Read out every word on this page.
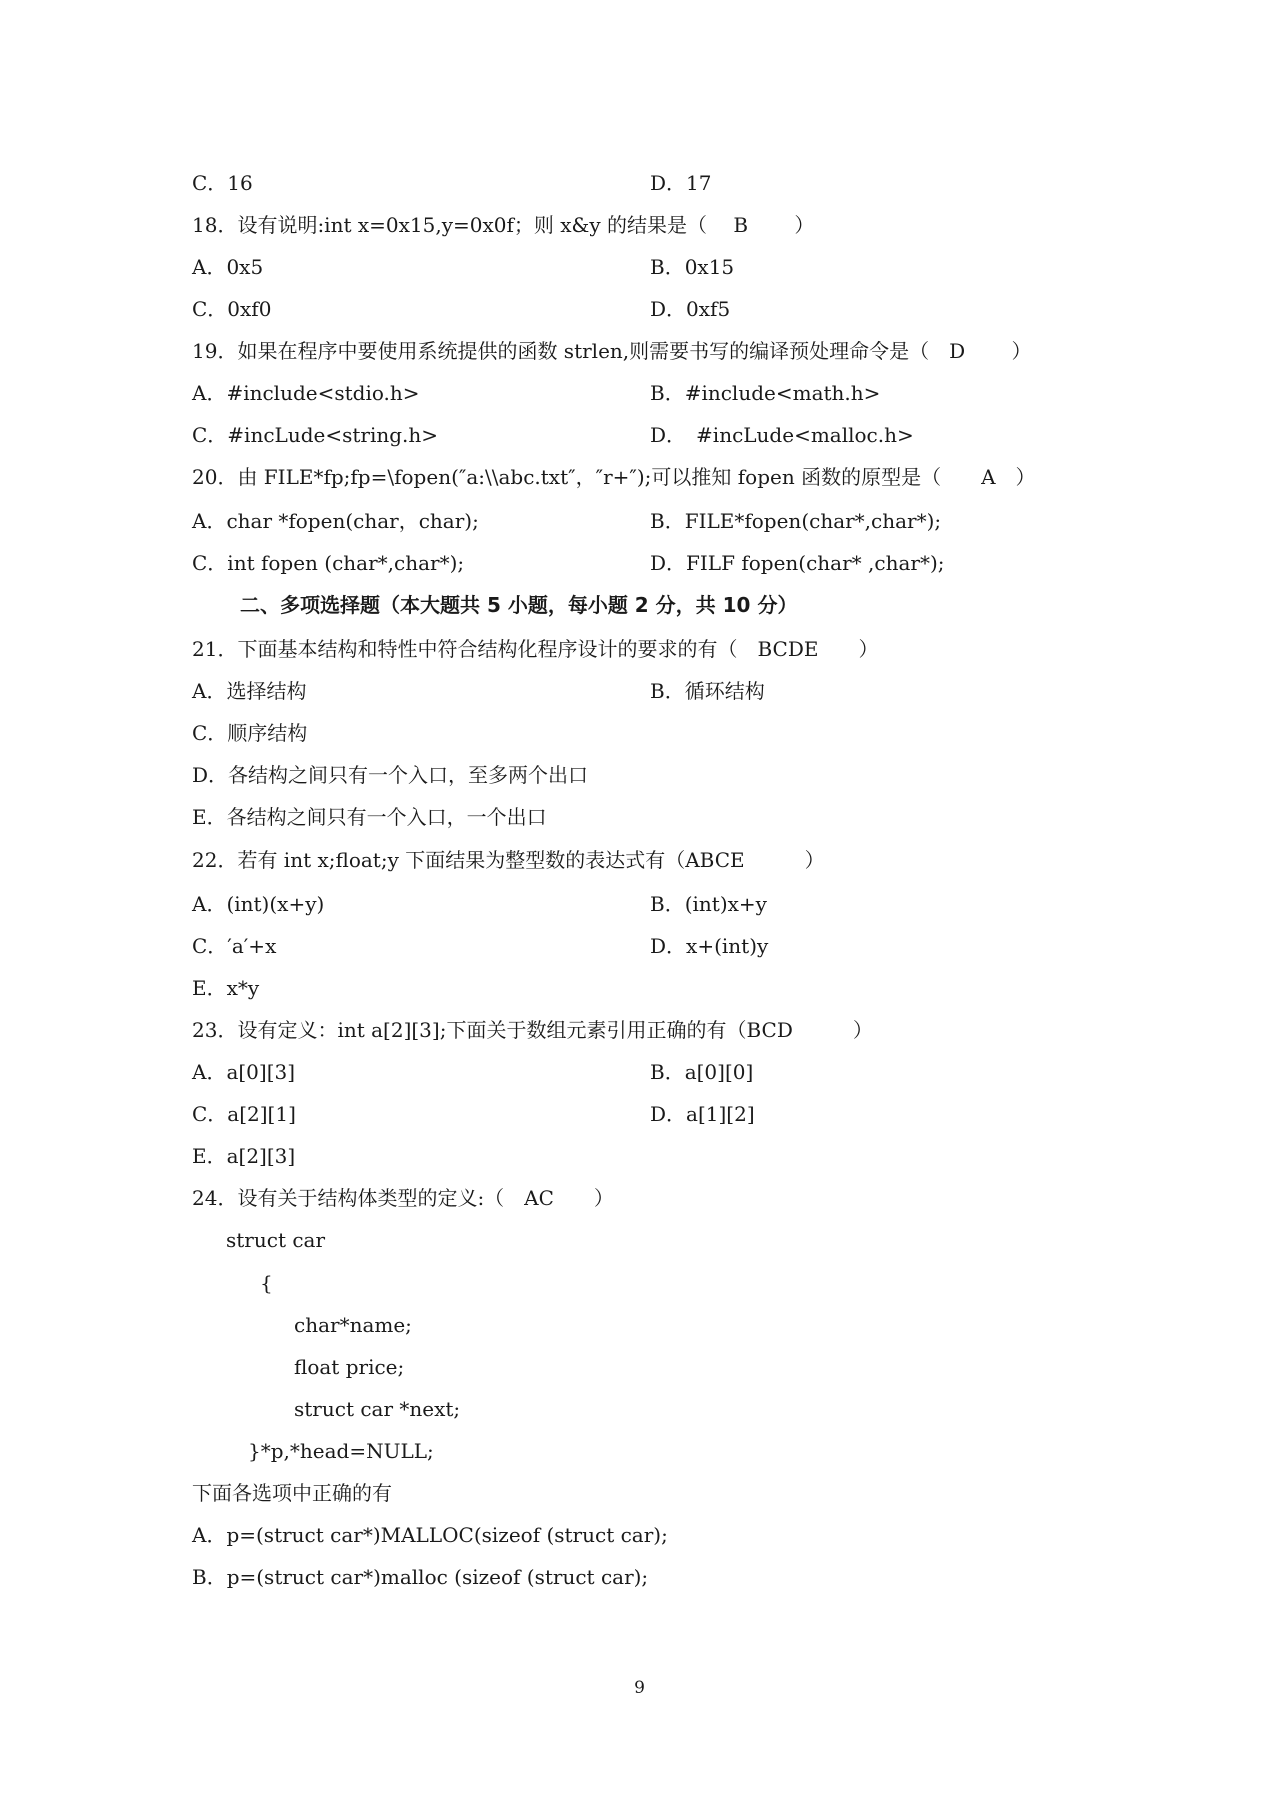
C．16	D．17
18．设有说明:int x=0x15,y=0x0f；则 x&y 的结果是（　 B　　 ）
A．0x5	B．0x15
C．0xf0	D．0xf5
19．如果在程序中要使用系统提供的函数 strlen,则需要书写的编译预处理命令是（　D　　 ）
A．#include<stdio.h>	B．#include<math.h>
C．#incLude<string.h>	D．　#incLude<malloc.h>
20．由 FILE*fp;fp=\fopen(″a:\\abc.txt″，″r+″);可以推知 fopen 函数的原型是（　　A　）
A．char *fopen(char，char);	B．FILE*fopen(char*,char*);
C．int fopen (char*,char*);	D．FILF fopen(char* ,char*);
二、多项选择题（本大题共 5 小题，每小题 2 分，共 10 分）
21．下面基本结构和特性中符合结构化程序设计的要求的有（　BCDE　　）
A．选择结构	B．循环结构
C．顺序结构
D．各结构之间只有一个入口，至多两个出口
E．各结构之间只有一个入口，一个出口
22．若有 int x;float;y 下面结果为整型数的表达式有（ABCE　　　）
A．(int)(x+y)	B．(int)x+y
C．′a′+x	D．x+(int)y
E．x*y
23．设有定义：int a[2][3];下面关于数组元素引用正确的有（BCD　　　）
A．a[0][3]	B．a[0][0]
C．a[2][1]	D．a[1][2]
E．a[2][3]
24．设有关于结构体类型的定义:（　AC　　）
struct car
{
char*name;
float price;
struct car *next;
}*p,*head=NULL;
下面各选项中正确的有
A．p=(struct car*)MALLOC(sizeof (struct car);
B．p=(struct car*)malloc (sizeof (struct car);
9
